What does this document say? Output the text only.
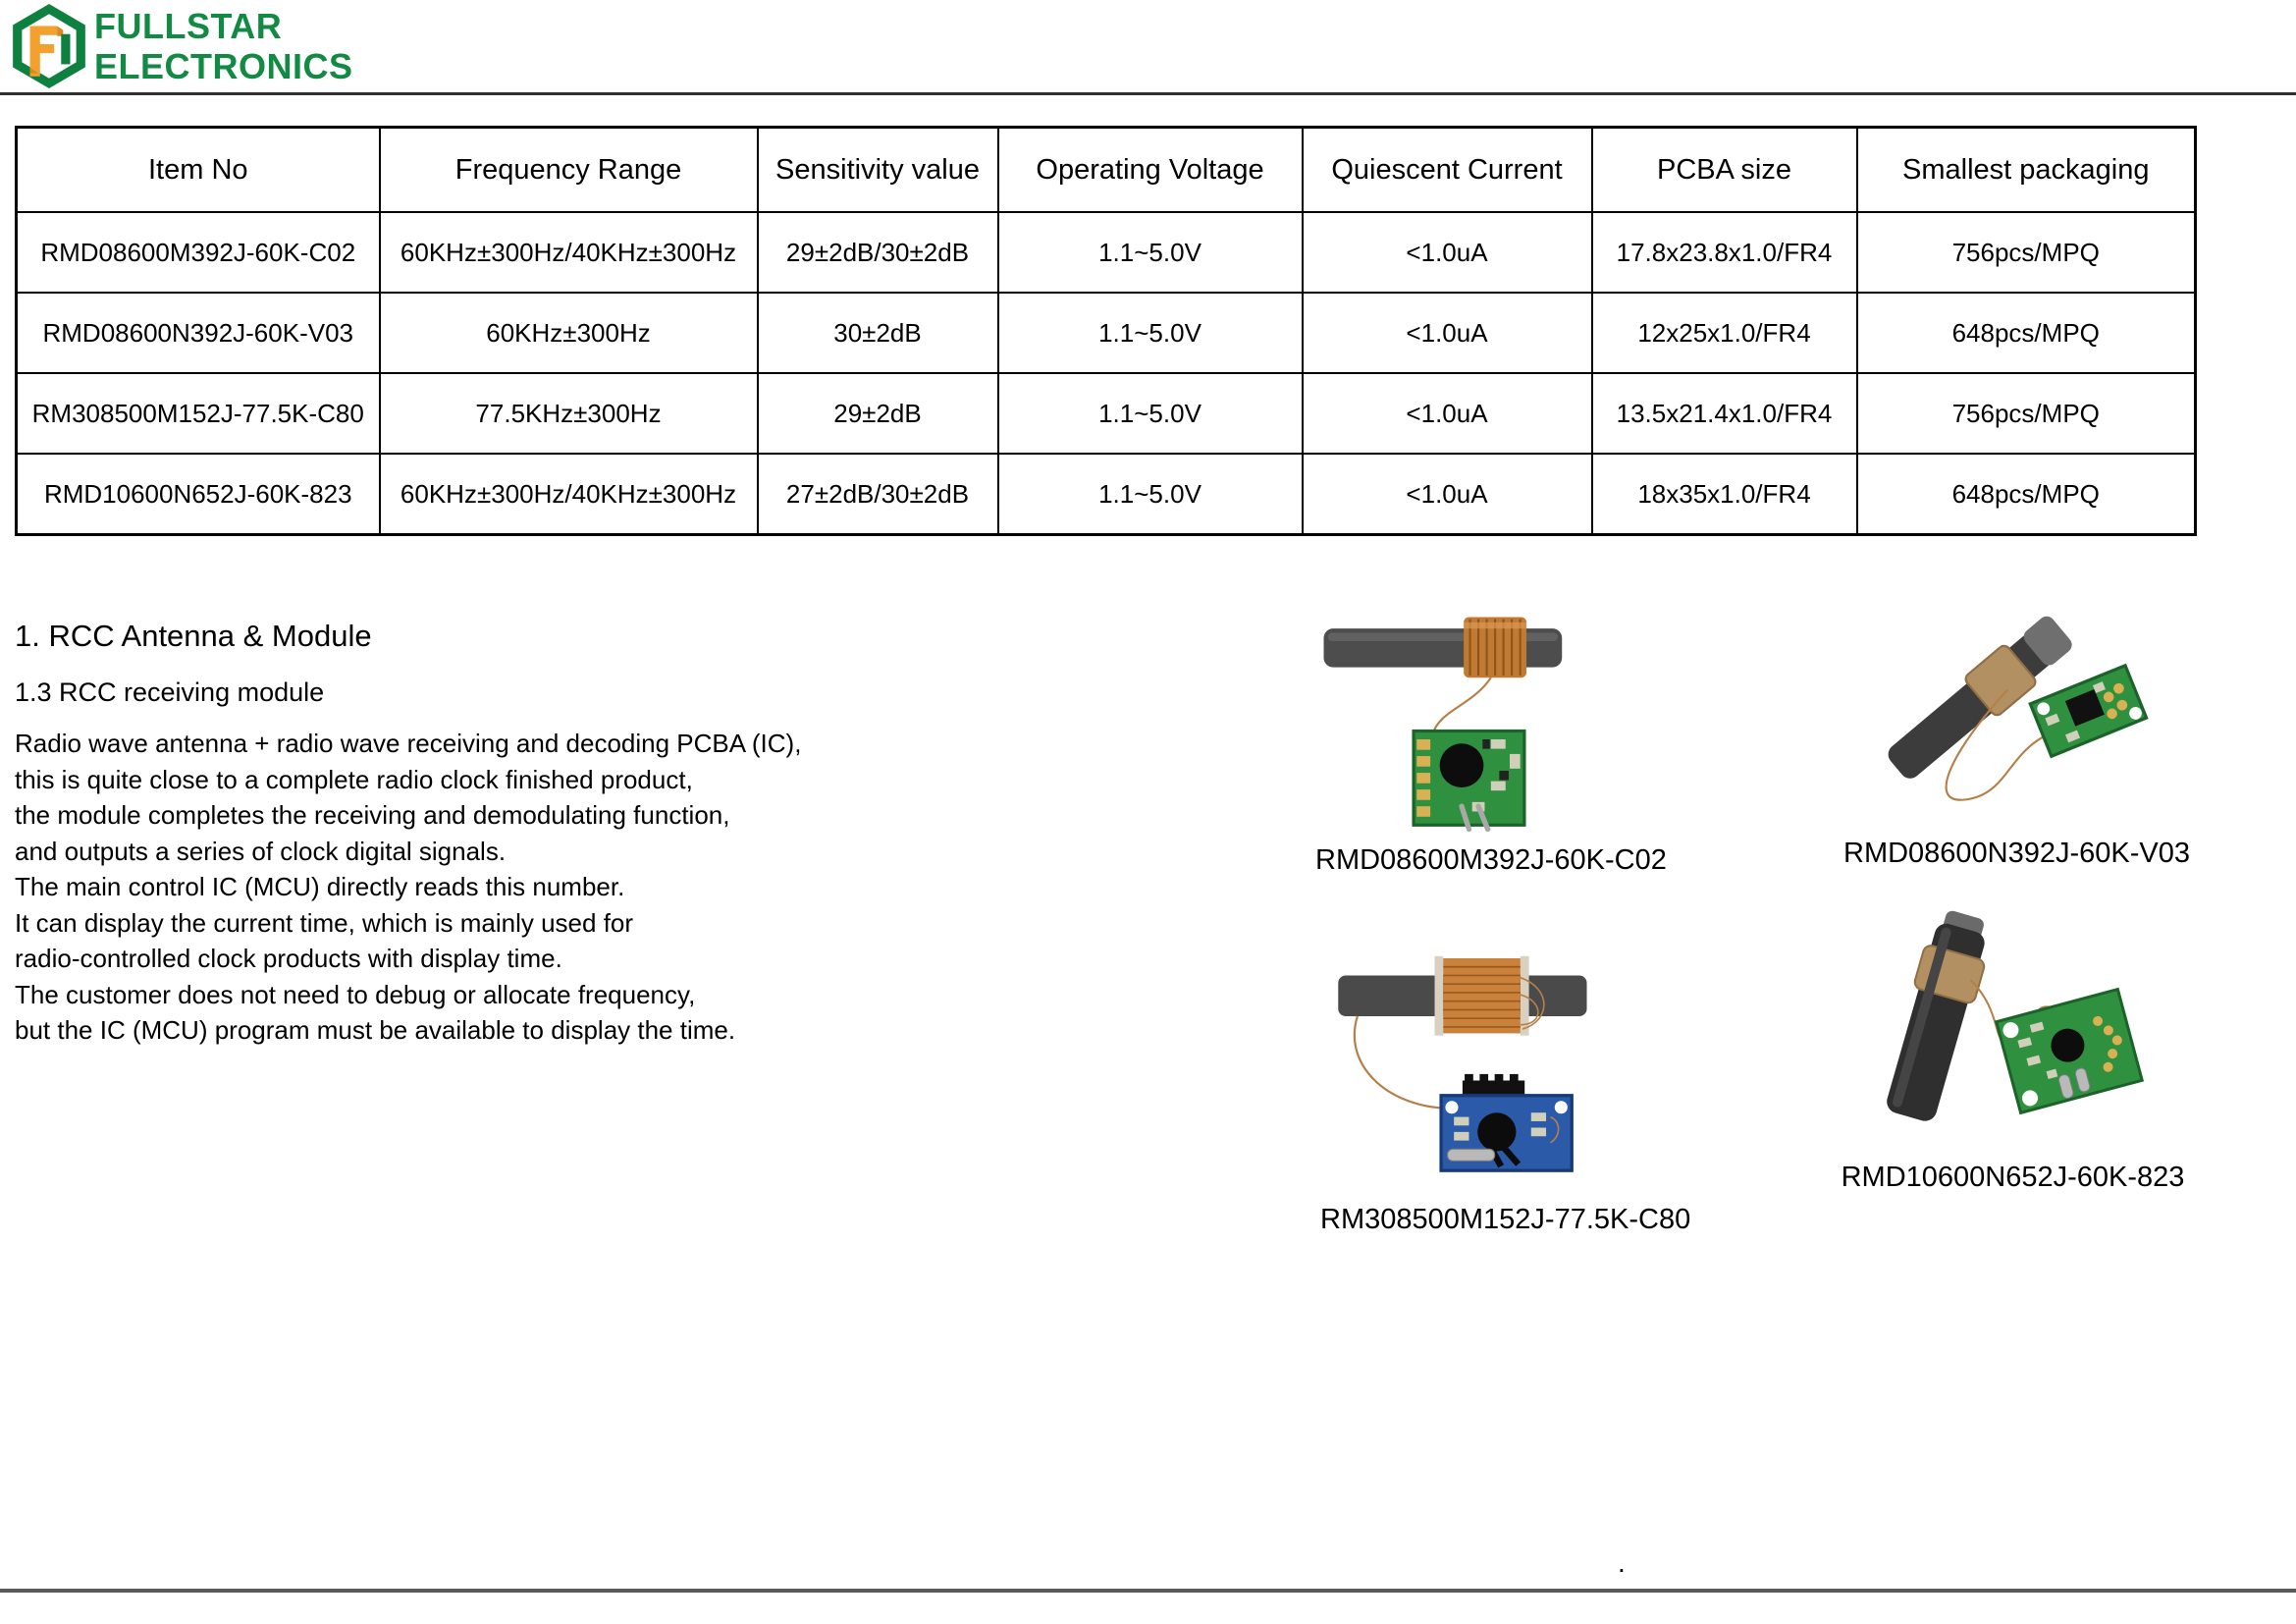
FULLSTAR
ELECTRONICS
Item No	Frequency Range	Sensitivity value	Operating Voltage	Quiescent Current	PCBA size	Smallest packaging
RMD08600M392J-60K-C02	60KHz±300Hz/40KHz±300Hz	29±2dB/30±2dB	1.1~5.0V	<1.0uA	17.8x23.8x1.0/FR4	756pcs/MPQ
RMD08600N392J-60K-V03	60KHz±300Hz	30±2dB	1.1~5.0V	<1.0uA	12x25x1.0/FR4	648pcs/MPQ
RM308500M152J-77.5K-C80	77.5KHz±300Hz	29±2dB	1.1~5.0V	<1.0uA	13.5x21.4x1.0/FR4	756pcs/MPQ
RMD10600N652J-60K-823	60KHz±300Hz/40KHz±300Hz	27±2dB/30±2dB	1.1~5.0V	<1.0uA	18x35x1.0/FR4	648pcs/MPQ
1. RCC Antenna & Module
1.3 RCC receiving module
Radio wave antenna + radio wave receiving and decoding PCBA (IC),
this is quite close to a complete radio clock finished product,
the module completes the receiving and demodulating function,
and outputs a series of clock digital signals.
The main control IC (MCU) directly reads this number.
It can display the current time, which is mainly used for
radio-controlled clock products with display time.
The customer does not need to debug or allocate frequency,
but the IC (MCU) program must be available to display the time.
RMD08600M392J-60K-C02	RMD08600N392J-60K-V03
RM308500M152J-77.5K-C80
RMD10600N652J-60K-823
.
